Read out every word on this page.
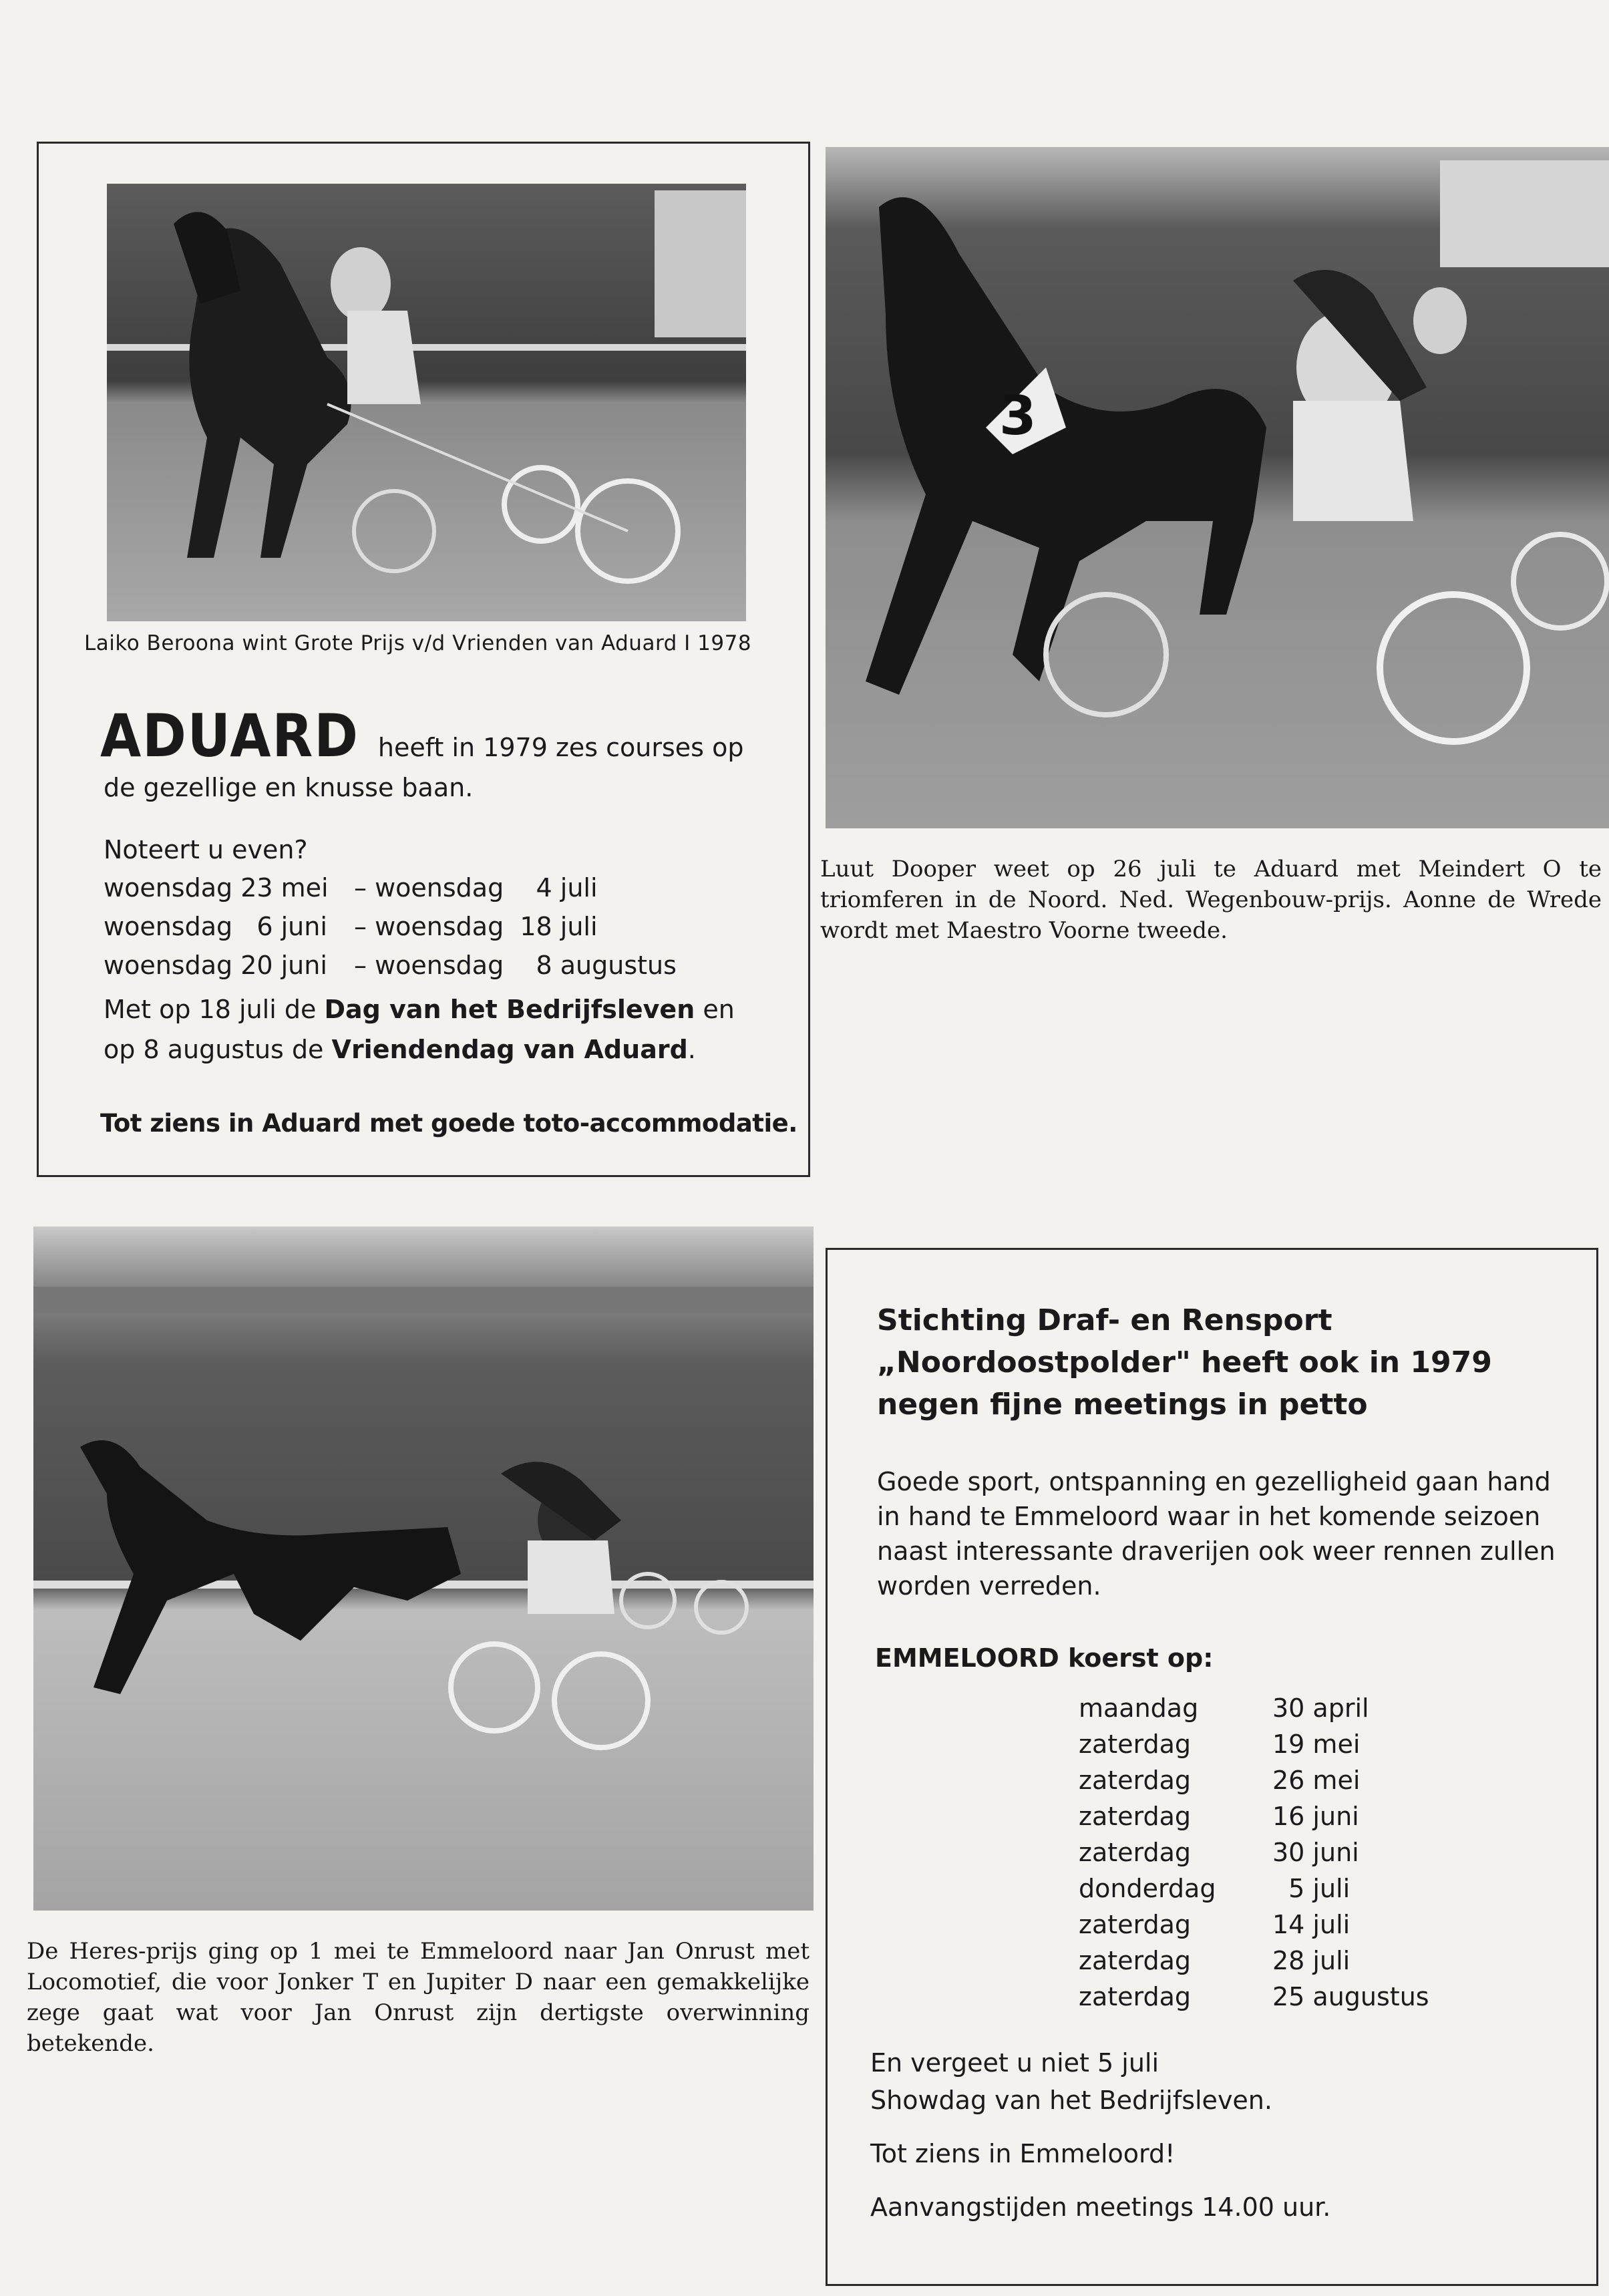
Laiko Beroona wint Grote Prijs v/d Vrienden van Aduard I 1978
ADUARD heeft in 1979 zes courses op
de gezellige en knusse baan.
Noteert u even?
woensdag 23 mei – woensdag    4 juli
woensdag   6 juni – woensdag  18 juli
woensdag 20 juni – woensdag    8 augustus
Met op 18 juli de Dag van het Bedrijfsleven en
op 8 augustus de Vriendendag van Aduard.
Tot ziens in Aduard met goede toto-accommodatie.
3
Luut Dooper weet op 26 juli te Aduard met Meindert O te triomferen in de Noord. Ned. Wegenbouw-prijs. Aonne de Wrede wordt met Maestro Voorne tweede.
De Heres-prijs ging op 1 mei te Emmeloord naar Jan Onrust met Locomotief, die voor Jonker T en Jupiter D naar een gemakkelijke zege gaat wat voor Jan Onrust zijn dertigste overwinning betekende.
Stichting Draf- en Rensport
„Noordoostpolder" heeft ook in 1979
negen fijne meetings in petto
Goede sport, ontspanning en gezelligheid gaan hand in hand te Emmeloord waar in het komende seizoen naast interessante draverijen ook weer rennen zullen worden verreden.
EMMELOORD koerst op:
maandag	30 april
zaterdag	19 mei
zaterdag	26 mei
zaterdag	16 juni
zaterdag	30 juni
donderdag 5 juli
zaterdag	14 juli
zaterdag	28 juli
zaterdag	25 augustus
En vergeet u niet 5 juli
Showdag van het Bedrijfsleven.
Tot ziens in Emmeloord!
Aanvangstijden meetings 14.00 uur.
